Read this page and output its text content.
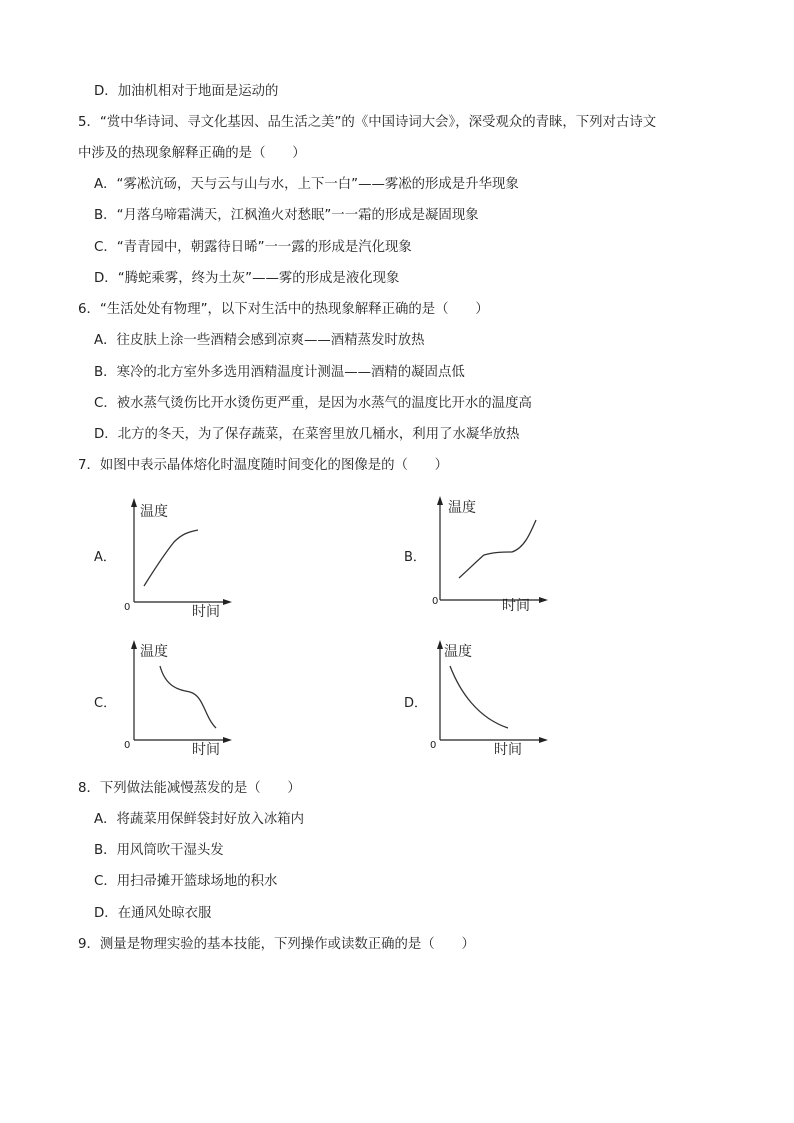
D．加油机相对于地面是运动的
5．“赏中华诗词、寻文化基因、品生活之美”的《中国诗词大会》，深受观众的青睐，下列对古诗文
中涉及的热现象解释正确的是（　　）
A．“雾凇沆砀，天与云与山与水，上下一白”——雾凇的形成是升华现象
B．“月落乌啼霜满天，江枫渔火对愁眠”一一霜的形成是凝固现象
C．“青青园中，朝露待日晞”一一露的形成是汽化现象
D．“腾蛇乘雾，终为土灰”——雾的形成是液化现象
6．“生活处处有物理”，以下对生活中的热现象解释正确的是（　　）
A．往皮肤上涂一些酒精会感到凉爽——酒精蒸发时放热
B．寒冷的北方室外多选用酒精温度计测温——酒精的凝固点低
C．被水蒸气烫伤比开水烫伤更严重，是因为水蒸气的温度比开水的温度高
D．北方的冬天，为了保存蔬菜，在菜窖里放几桶水，利用了水凝华放热
7．如图中表示晶体熔化时温度随时间变化的图像是的（　　）
A．
温度
时间
0
B．
温度
时间
0
C．
温度
时间
0
D．
温度
时间
0
8．下列做法能减慢蒸发的是（　　）
A．将蔬菜用保鲜袋封好放入冰箱内
B．用风筒吹干湿头发
C．用扫帚摊开篮球场地的积水
D．在通风处晾衣服
9．测量是物理实验的基本技能，下列操作或读数正确的是（　　）
